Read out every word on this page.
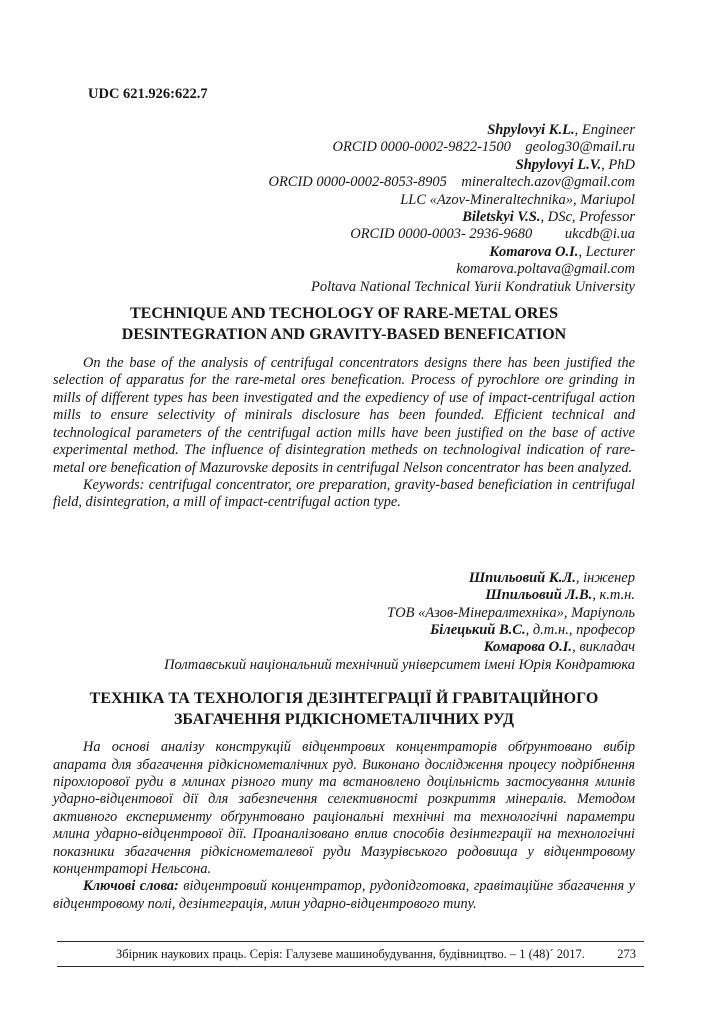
UDC 621.926:622.7

Shpylovyi K.L., Engineer
ORCID 0000-0002-9822-1500    geolog30@mail.ru
Shpylovyi L.V., PhD
ORCID 0000-0002-8053-8905    mineraltech.azov@gmail.com
LLC «Azov-Mineraltechnika», Mariupol
Biletskyi V.S., DSc, Professor
ORCID 0000-0003- 2936-9680         ukcdb@i.ua
Komarova O.I., Lecturer
komarova.poltava@gmail.com
Poltava National Technical Yurii Kondratiuk University
TECHNIQUE AND TECHOLOGY OF RARE-METAL ORES DESINTEGRATION AND GRAVITY-BASED BENEFICATION

On the base of the analysis of centrifugal concentrators designs there has been justified the selection of apparatus for the rare-metal ores benefication. Process of pyrochlore ore grinding in mills of different types has been investigated and the expediency of use of impact-centrifugal action mills to ensure selectivity of minirals disclosure has been founded. Efficient technical and technological parameters of the centrifugal action mills have been justified on the base of active experimental method. The influence of disintegration metheds on technologival indication of rare-metal ore benefication of Mazurovske deposits in centrifugal Nelson concentrator has been analyzed.

Keywords: centrifugal concentrator, ore preparation, gravity-based beneficiation in centrifugal field, disintegration, a mill of impact-centrifugal action type.

Шпильовий К.Л., інженер
Шпильовий Л.В., к.т.н.
ТОВ «Азов-Мінералтехніка», Маріуполь
Білецький В.С., д.т.н., професор
Комарова О.І., викладач
Полтавський національний технічний університет імені Юрія Кондратюка
ТЕХНІКА ТА ТЕХНОЛОГІЯ ДЕЗІНТЕГРАЦІЇ Й ГРАВІТАЦІЙНОГО ЗБАГАЧЕННЯ РІДКІСНОМЕТАЛІЧНИХ РУД

На основі аналізу конструкцій відцентрових концентраторів обґрунтовано вибір апарата для збагачення рідкіснометалічних руд. Виконано дослідження процесу подрібнення пірохлорової руди в млинах різного типу та встановлено доцільність застосування млинів ударно-відцентової дії для забезпечення селективності розкриття мінералів. Методом активного експерименту обґрунтовано раціональні технічні та технологічні параметри млина ударно-відцентрової дії. Проаналізовано вплив способів дезінтеграції на технологічні показники збагачення рідкіснометалевої руди Мазурівського родовища у відцентровому концентраторі Нельсона.

Ключові слова: відцентровий концентратор, рудопідготовка, гравітаційне збагачення у відцентровому полі, дезінтеграція, млин ударно-відцентрового типу.

Збірник наукових праць. Серія: Галузеве машинобудування, будівництво. – 1 (48)´ 2017.	273
